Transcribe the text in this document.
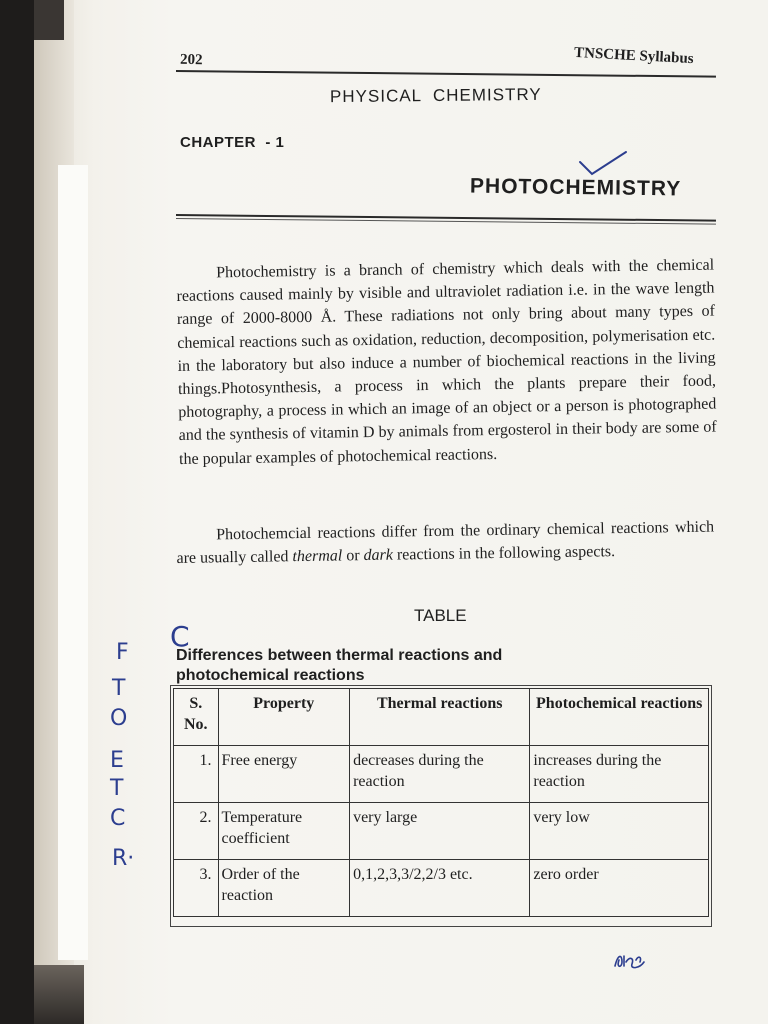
202	TNSCHE Syllabus
PHYSICAL  CHEMISTRY
CHAPTER  - 1
PHOTOCHEMISTRY
Photochemistry is a branch of chemistry which deals with the chemical reactions caused mainly by visible and ultraviolet radiation i.e. in the wave length range of 2000-8000 Å. These radiations not only bring about many types of chemical reactions such as oxidation, reduction, decomposition, polymerisation etc. in the laboratory but also induce a number of biochemical reactions in the living things.Photosynthesis, a process in which the plants prepare their food, photography, a process in which an image of an object or a person is photographed and the synthesis of vitamin D by animals from ergosterol in their body are some of the popular examples of photochemical reactions.
Photochemcial reactions differ from the ordinary chemical reactions which are usually called thermal or dark reactions in the following aspects.
TABLE
C
Differences between thermal reactions and photochemical reactions
S. No.	Property	Thermal reactions	Photochemical reactions
1.	Free energy	decreases during the reaction	increases during the reaction
2.	Temperature coefficient	very large	very low
3.	Order of the reaction	0,1,2,3,3/2,2/3 etc.	zero order
F
T
O
E
T
C
R·
